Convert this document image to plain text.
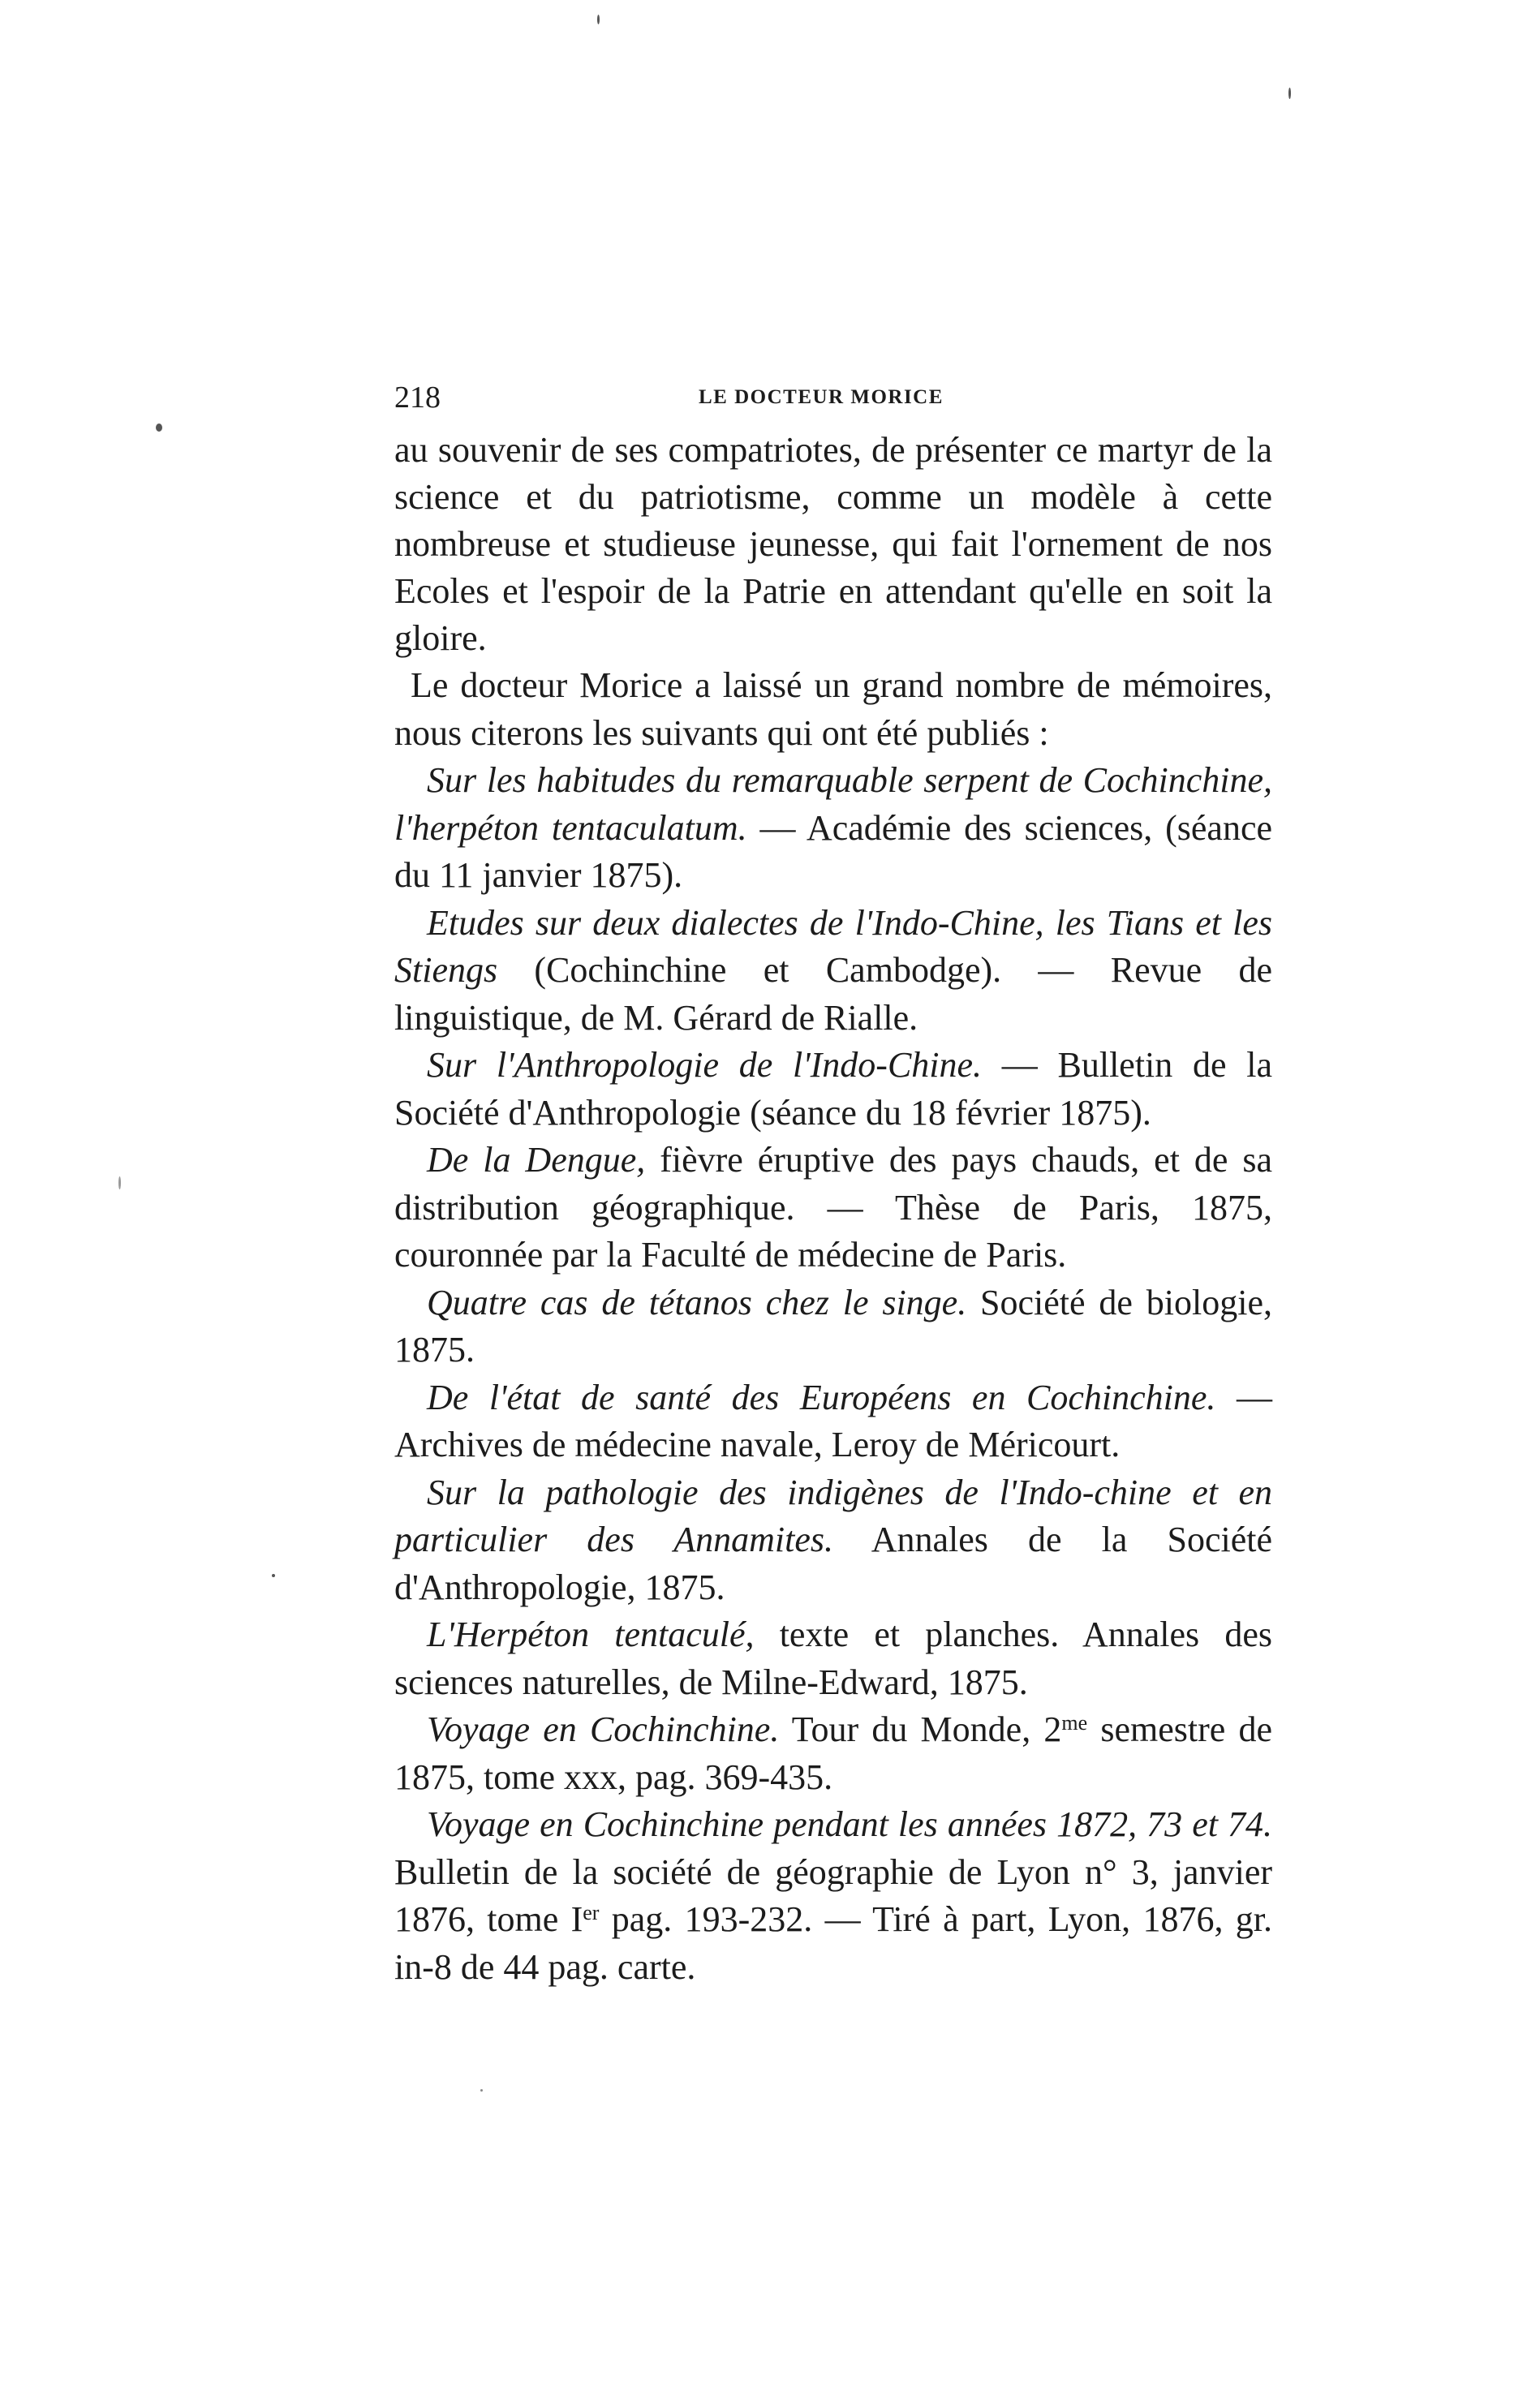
218	LE DOCTEUR MORICE

au souvenir de ses compatriotes, de présenter ce martyr de la science et du patriotisme, comme un modèle à cette nombreuse et studieuse jeunesse, qui fait l'ornement de nos Ecoles et l'espoir de la Patrie en attendant qu'elle en soit la gloire.

Le docteur Morice a laissé un grand nombre de mémoires, nous citerons les suivants qui ont été publiés :

Sur les habitudes du remarquable serpent de Cochinchine, l'herpéton tentaculatum. — Académie des sciences, (séance du 11 janvier 1875).

Etudes sur deux dialectes de l'Indo-Chine, les Tians et les Stiengs (Cochinchine et Cambodge). — Revue de linguistique, de M. Gérard de Rialle.

Sur l'Anthropologie de l'Indo-Chine. — Bulletin de la Société d'Anthropologie (séance du 18 février 1875).

De la Dengue, fièvre éruptive des pays chauds, et de sa distribution géographique. — Thèse de Paris, 1875, couronnée par la Faculté de médecine de Paris.

Quatre cas de tétanos chez le singe. Société de biologie, 1875.

De l'état de santé des Européens en Cochinchine. — Archives de médecine navale, Leroy de Méricourt.

Sur la pathologie des indigènes de l'Indo-chine et en particulier des Annamites. Annales de la Société d'Anthropologie, 1875.

L'Herpéton tentaculé, texte et planches. Annales des sciences naturelles, de Milne-Edward, 1875.

Voyage en Cochinchine. Tour du Monde, $2^{me}$ semestre de 1875, tome xxx, pag. 369-435.

Voyage en Cochinchine pendant les années 1872, 73 et 74. Bulletin de la société de géographie de Lyon n° 3, janvier 1876, tome Ier pag. 193-232. — Tiré à part, Lyon, 1876, gr. in-8 de 44 pag. carte.
